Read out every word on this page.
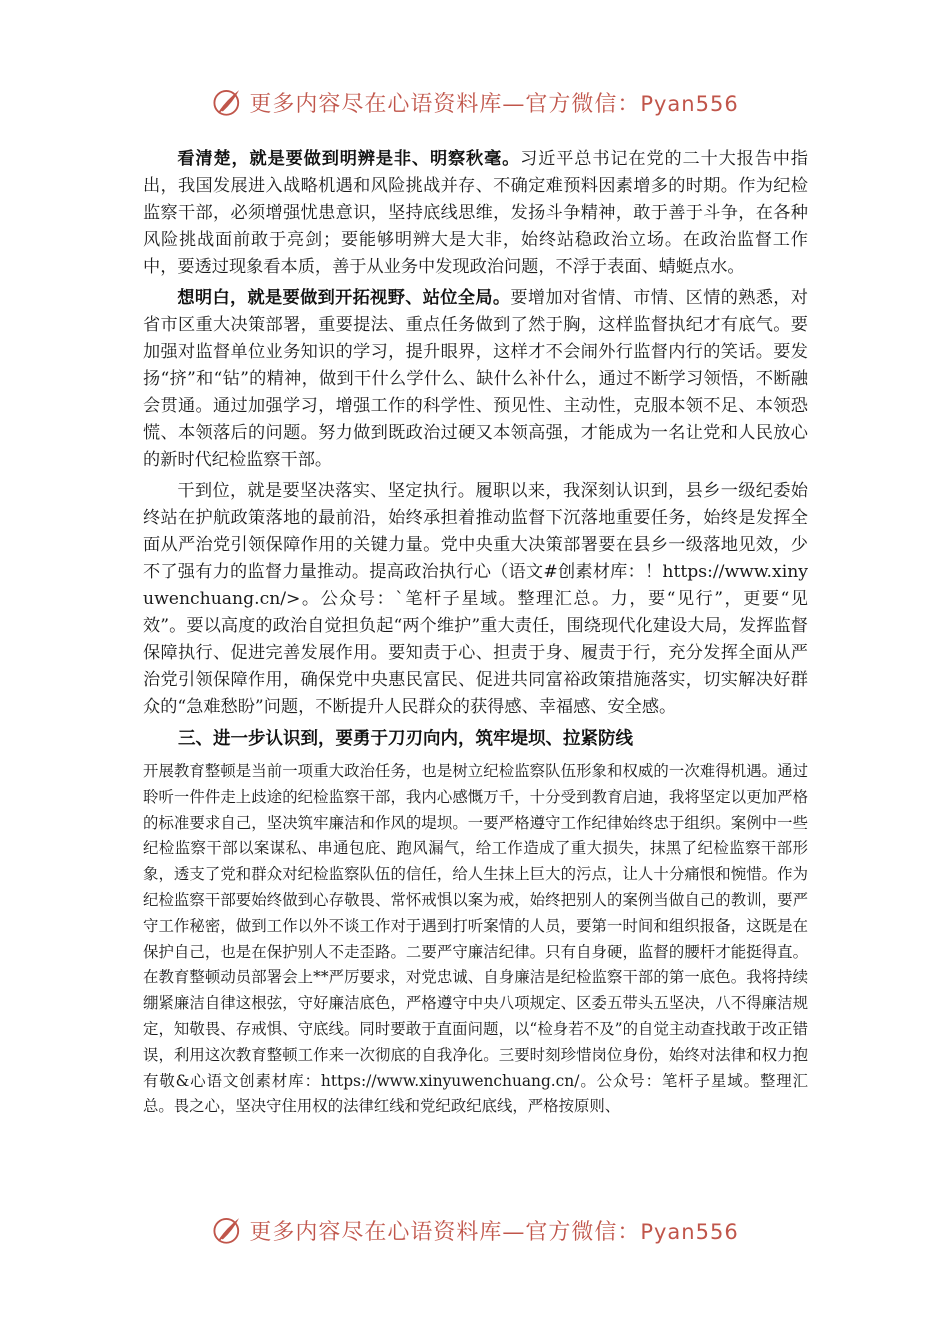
更多内容尽在心语资料库—官方微信：Pyan556

看清楚，就是要做到明辨是非、明察秋毫。习近平总书记在党的二十大报告中指出，我国发展进入战略机遇和风险挑战并存、不确定难预料因素增多的时期。作为纪检监察干部，必须增强忧患意识，坚持底线思维，发扬斗争精神，敢于善于斗争，在各种风险挑战面前敢于亮剑；要能够明辨大是大非，始终站稳政治立场。在政治监督工作中，要透过现象看本质，善于从业务中发现政治问题，不浮于表面、蜻蜓点水。

想明白，就是要做到开拓视野、站位全局。要增加对省情、市情、区情的熟悉，对省市区重大决策部署，重要提法、重点任务做到了然于胸，这样监督执纪才有底气。要加强对监督单位业务知识的学习，提升眼界，这样才不会闹外行监督内行的笑话。要发扬“挤”和“钻”的精神，做到干什么学什么、缺什么补什么，通过不断学习领悟，不断融会贯通。通过加强学习，增强工作的科学性、预见性、主动性，克服本领不足、本领恐慌、本领落后的问题。努力做到既政治过硬又本领高强，才能成为一名让党和人民放心的新时代纪检监察干部。

干到位，就是要坚决落实、坚定执行。履职以来，我深刻认识到，县乡一级纪委始终站在护航政策落地的最前沿，始终承担着推动监督下沉落地重要任务，始终是发挥全面从严治党引领保障作用的关键力量。党中央重大决策部署要在县乡一级落地见效，少不了强有力的监督力量推动。提高政治执行心（语文#创素材库：！https://www.xinyuwenchuang.cn/>。公众号：`笔杆子星域。整理汇总。力，要“见行”，更要“见效”。要以高度的政治自觉担负起“两个维护”重大责任，围绕现代化建设大局，发挥监督保障执行、促进完善发展作用。要知责于心、担责于身、履责于行，充分发挥全面从严治党引领保障作用，确保党中央惠民富民、促进共同富裕政策措施落实，切实解决好群众的“急难愁盼”问题，不断提升人民群众的获得感、幸福感、安全感。

三、进一步认识到，要勇于刀刃向内，筑牢堤坝、拉紧防线

开展教育整顿是当前一项重大政治任务，也是树立纪检监察队伍形象和权威的一次难得机遇。通过聆听一件件走上歧途的纪检监察干部，我内心感慨万千，十分受到教育启迪，我将坚定以更加严格的标准要求自己，坚决筑牢廉洁和作风的堤坝。一要严格遵守工作纪律始终忠于组织。案例中一些纪检监察干部以案谋私、串通包庇、跑风漏气，给工作造成了重大损失，抹黑了纪检监察干部形象，透支了党和群众对纪检监察队伍的信任，给人生抹上巨大的污点，让人十分痛恨和惋惜。作为纪检监察干部要始终做到心存敬畏、常怀戒惧以案为戒，始终把别人的案例当做自己的教训，要严守工作秘密，做到工作以外不谈工作对于遇到打听案情的人员，要第一时间和组织报备，这既是在保护自己，也是在保护别人不走歪路。二要严守廉洁纪律。只有自身硬，监督的腰杆才能挺得直。在教育整顿动员部署会上**严厉要求，对党忠诚、自身廉洁是纪检监察干部的第一底色。我将持续绷紧廉洁自律这根弦，守好廉洁底色，严格遵守中央八项规定、区委五带头五坚决，八不得廉洁规定，知敬畏、存戒惧、守底线。同时要敢于直面问题，以“检身若不及”的自觉主动查找敢于改正错误，利用这次教育整顿工作来一次彻底的自我净化。三要时刻珍惜岗位身份，始终对法律和权力抱有敬&心语文创素材库：https://www.xinyuwenchuang.cn/。公众号：笔杆子星域。整理汇总。畏之心，坚决守住用权的法律红线和党纪政纪底线，严格按原则、

更多内容尽在心语资料库—官方微信：Pyan556
